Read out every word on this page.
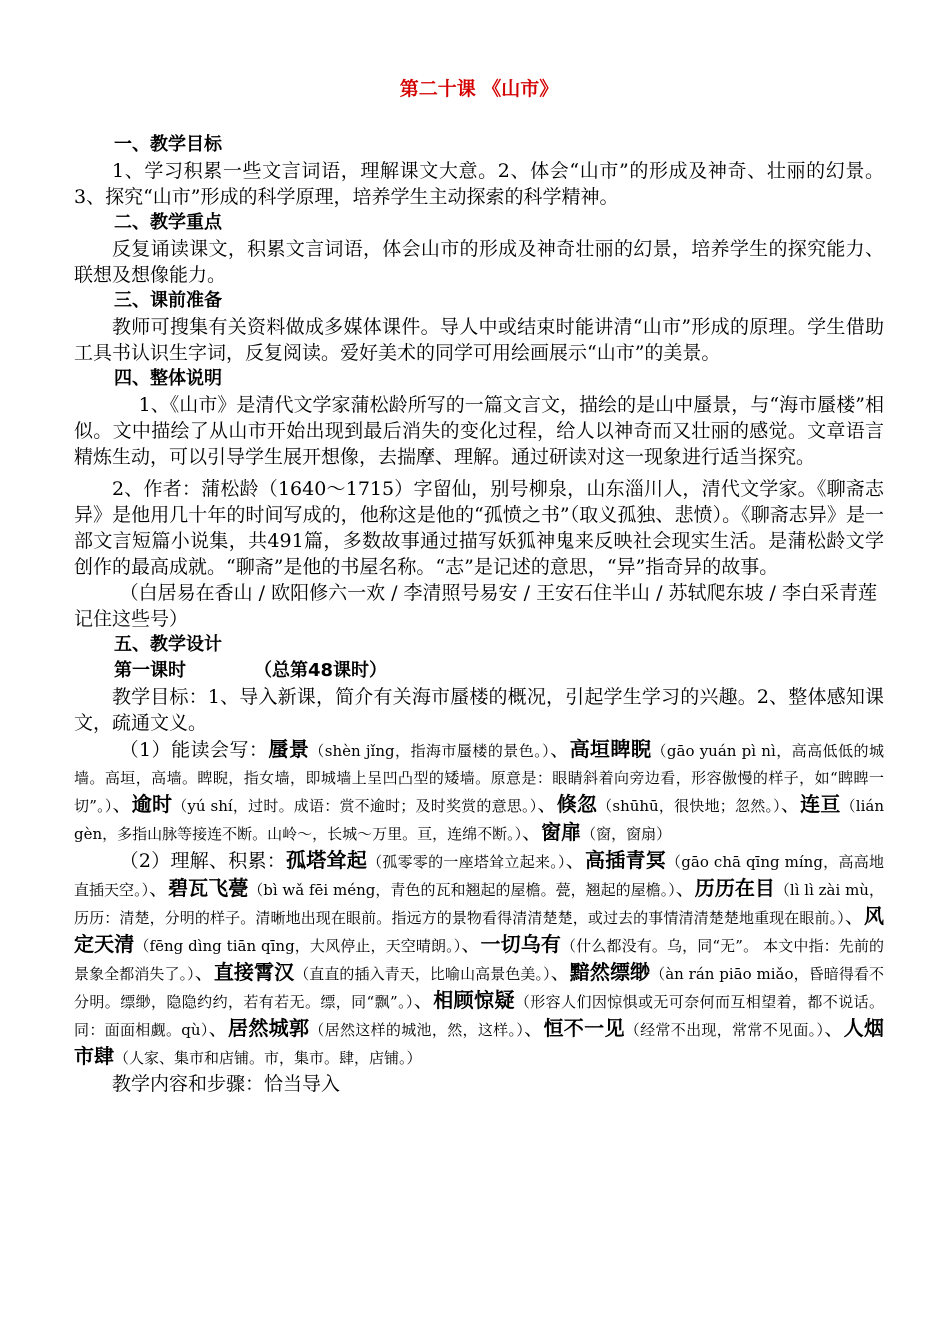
第二十课 《山市》
一、教学目标

1、学习积累一些文言词语，理解课文大意。2、体会“山市”的形成及神奇、壮丽的幻景。3、探究“山市”形成的科学原理，培养学生主动探索的科学精神。

二、教学重点

反复诵读课文，积累文言词语，体会山市的形成及神奇壮丽的幻景，培养学生的探究能力、联想及想像能力。

三、课前准备

教师可搜集有关资料做成多媒体课件。导人中或结束时能讲清“山市”形成的原理。学生借助工具书认识生字词，反复阅读。爱好美术的同学可用绘画展示“山市”的美景。

四、整体说明

1、《山市》是清代文学家蒲松龄所写的一篇文言文，描绘的是山中蜃景，与“海市蜃楼”相似。文中描绘了从山市开始出现到最后消失的变化过程，给人以神奇而又壮丽的感觉。文章语言精炼生动，可以引导学生展开想像，去揣摩、理解。通过研读对这一现象进行适当探究。

2、作者：蒲松龄（1640～1715）字留仙，别号柳泉，山东淄川人，清代文学家。《聊斋志异》是他用几十年的时间写成的，他称这是他的“孤愤之书”（取义孤独、悲愤）。《聊斋志异》是一部文言短篇小说集，共491篇，多数故事通过描写妖狐神鬼来反映社会现实生活。是蒲松龄文学创作的最高成就。“聊斋”是他的书屋名称。“志”是记述的意思，“异”指奇异的故事。

（白居易在香山 / 欧阳修六一欢 / 李清照号易安 / 王安石住半山 / 苏轼爬东坡 / 李白采青莲 记住这些号）

五、教学设计
第一课时	（总第48课时）

教学目标：1、导入新课，简介有关海市蜃楼的概况，引起学生学习的兴趣。2、整体感知课文，疏通文义。

（1）能读会写：蜃景（shèn jǐng，指海市蜃楼的景色。）、高垣睥睨（gāo yuán pì nì，高高低低的城墙。高垣，高墙。睥睨，指女墙，即城墙上呈凹凸型的矮墙。原意是：眼睛斜着向旁边看，形容傲慢的样子，如“睥睥一切”。）、逾时（yú shí，过时。成语：赏不逾时；及时奖赏的意思。）、倏忽（shūhū，很快地；忽然。）、连亘（lián gèn，多指山脉等接连不断。山岭～，长城～万里。亘，连绵不断。）、窗扉（窗，窗扇）

（2）理解、积累：孤塔耸起（孤零零的一座塔耸立起来。）、高插青冥（gāo chā qīng míng，高高地直插天空。）、碧瓦飞甍（bì wǎ fēi méng，青色的瓦和翘起的屋檐。甍，翘起的屋檐。）、历历在目（lì lì zài mù，历历：清楚，分明的样子。清晰地出现在眼前。指远方的景物看得清清楚楚，或过去的事情清清楚楚地重现在眼前。）、风定天清（fēng dìng tiān qīng，大风停止，天空晴朗。）、一切乌有（什么都没有。乌，同“无”。 本文中指：先前的景象全都消失了。）、直接霄汉（直直的插入青天，比喻山高景色美。）、黯然缥缈（àn rán piāo miǎo，昏暗得看不分明。缥缈，隐隐约约，若有若无。缥，同“飘”。）、相顾惊疑（形容人们因惊惧或无可奈何而互相望着，都不说话。同：面面相觑。qù）、居然城郭（居然这样的城池，然，这样。）、恒不一见（经常不出现，常常不见面。）、人烟市肆（人家、集市和店铺。市，集市。肆，店铺。）

教学内容和步骤：恰当导入
